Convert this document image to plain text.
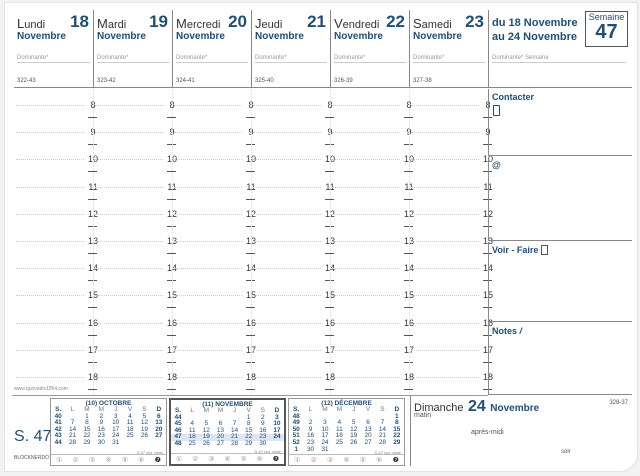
Lundi 18
Novembre
Dominante*
322-43
8
9
10
11
12
13
14
15
16
17
18
Mardi 19
Novembre
Dominante*
323-42
8
9
10
11
12
13
14
15
16
17
18
Mercredi 20
Novembre
Dominante*
324-41
8
9
10
11
12
13
14
15
16
17
18
Jeudi 21
Novembre
Dominante*
325-40
8
9
10
11
12
13
14
15
16
17
18
Vendredi 22
Novembre
Dominante*
326-39
8
9
10
11
12
13
14
15
16
17
18
Samedi 23
Novembre
Dominante*
327-38
8
9
10
11
12
13
14
15
16
17
18
(10) OCTOBRE
S.	L	M	M	J	V	S	D
40		1	2	3	4	5	6
41	7	8	9	10	11	12	13
42	14	15	16	17	18	19	20
43	21	22	23	24	25	26	27
44	28	29	30	31			
S-47 jour visite
① ② ③ ④ ⑤ ⑥ ❼
(11) NOVEMBRE
S.	L	M	M	J	V	S	D
44					1	2	3
45	4	5	6	7	8	9	10
46	11	12	13	14	15	16	17
47	18	19	20	21	22	23	24
48	25	26	27	28	29	30	
S-47 jour visite
① ② ③ ④ ⑤ ⑥ ❼
(12) DÉCEMBRE
S.	L	M	M	J	V	S	D
48							1
49	2	3	4	5	6	7	8
50	9	10	11	12	13	14	15
51	16	17	18	19	20	21	22
52	23	24	25	26	27	28	29
1	30	31						S-47 jour visite
① ② ③ ④ ⑤ ⑥ ❼
du 18 Novembre
au 24 Novembre
Dominante* Semaine
Semaine
47
Contacter
@
Voir - Faire
Notes /
www.quovadis1954.com
S. 47
BLOCKNERDO
Dimanche 24 Novembre	328-37
matin
après-midi
soir
